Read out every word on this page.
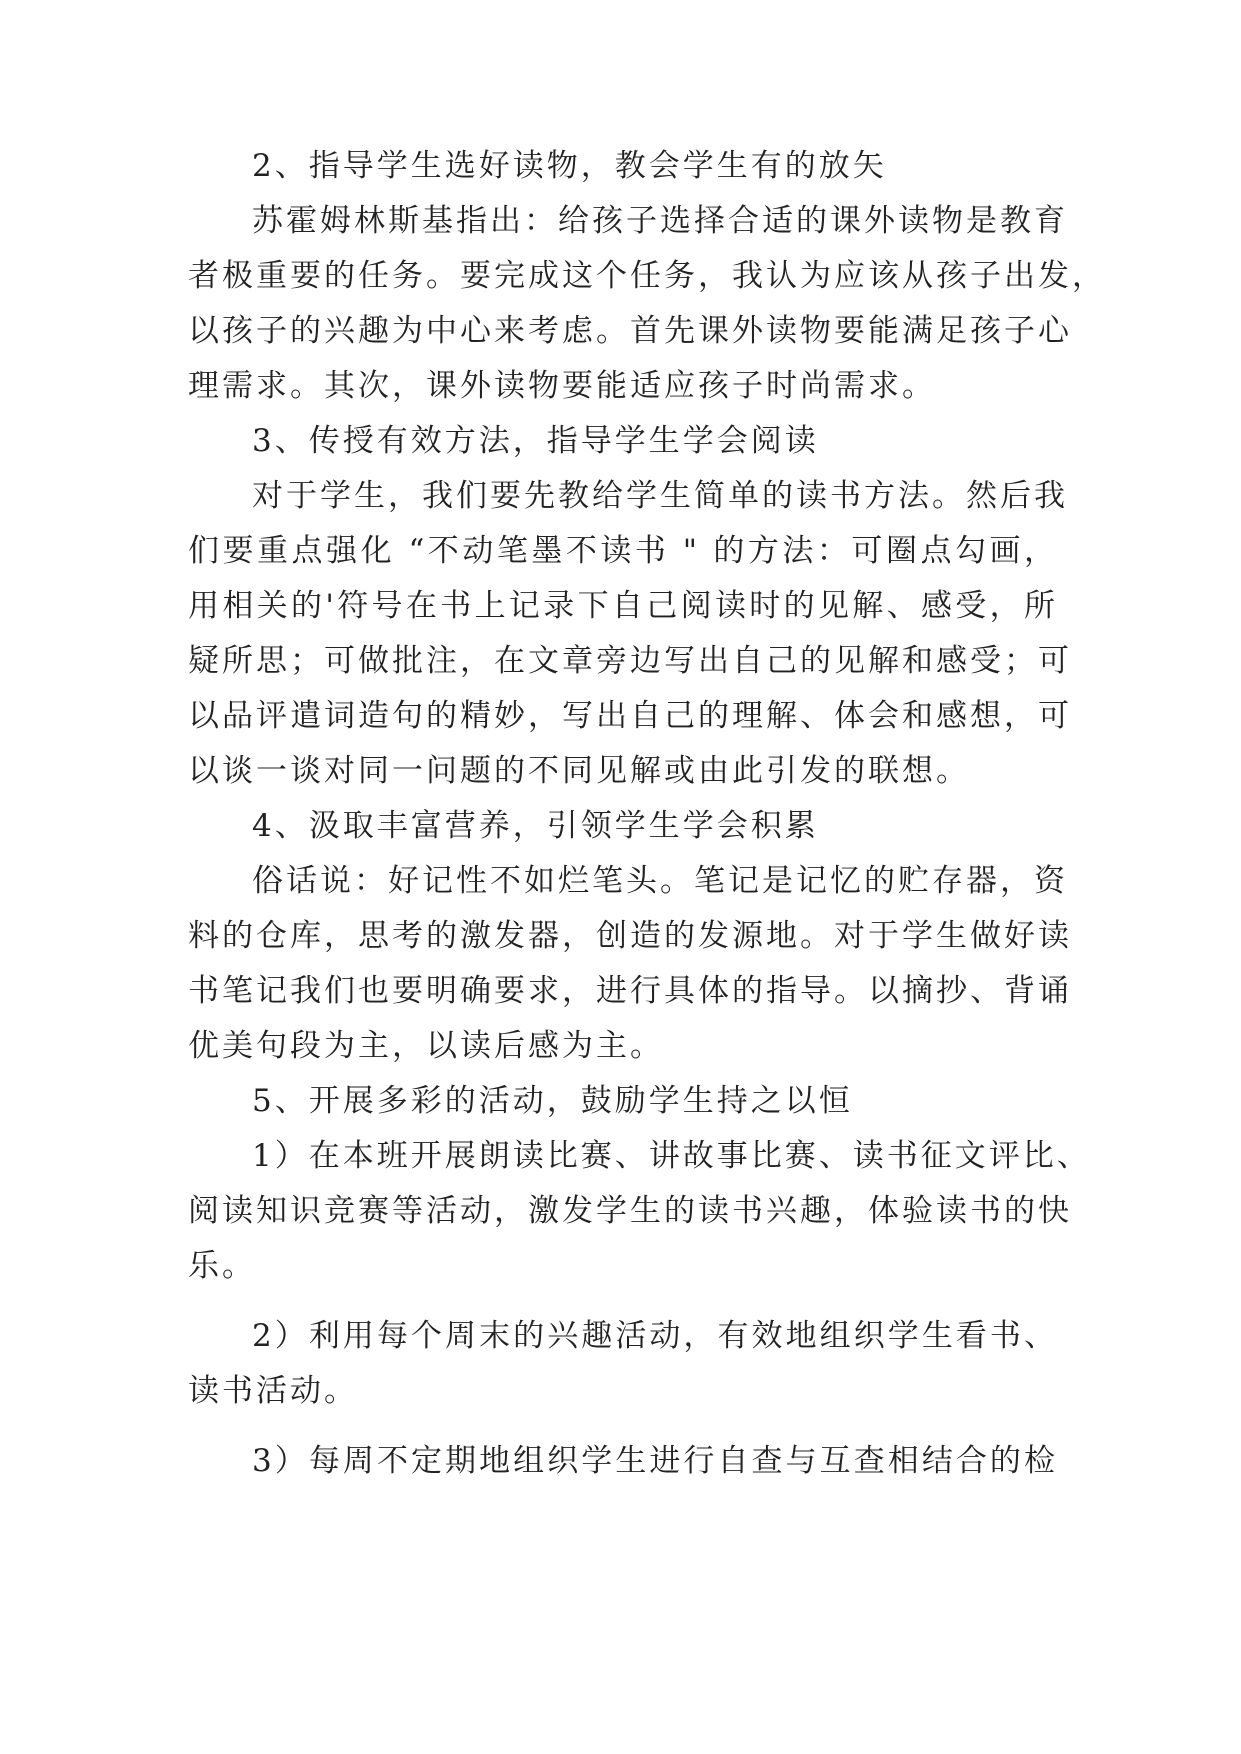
2、指导学生选好读物，教会学生有的放矢
苏霍姆林斯基指出：给孩子选择合适的课外读物是教育
者极重要的任务。要完成这个任务，我认为应该从孩子出发，
以孩子的兴趣为中心来考虑。首先课外读物要能满足孩子心
理需求。其次，课外读物要能适应孩子时尚需求。
3、传授有效方法，指导学生学会阅读
对于学生，我们要先教给学生简单的读书方法。然后我
们要重点强化 “不动笔墨不读书 " 的方法：可圈点勾画，
用相关的'符号在书上记录下自己阅读时的见解、感受，所
疑所思；可做批注，在文章旁边写出自己的见解和感受；可
以品评遣词造句的精妙，写出自己的理解、体会和感想，可
以谈一谈对同一问题的不同见解或由此引发的联想。
4、汲取丰富营养，引领学生学会积累
俗话说：好记性不如烂笔头。笔记是记忆的贮存器，资
料的仓库，思考的激发器，创造的发源地。对于学生做好读
书笔记我们也要明确要求，进行具体的指导。以摘抄、背诵
优美句段为主，以读后感为主。
5、开展多彩的活动，鼓励学生持之以恒
1）在本班开展朗读比赛、讲故事比赛、读书征文评比、
阅读知识竞赛等活动，激发学生的读书兴趣，体验读书的快
乐。
2）利用每个周末的兴趣活动，有效地组织学生看书、
读书活动。
3）每周不定期地组织学生进行自查与互查相结合的检
